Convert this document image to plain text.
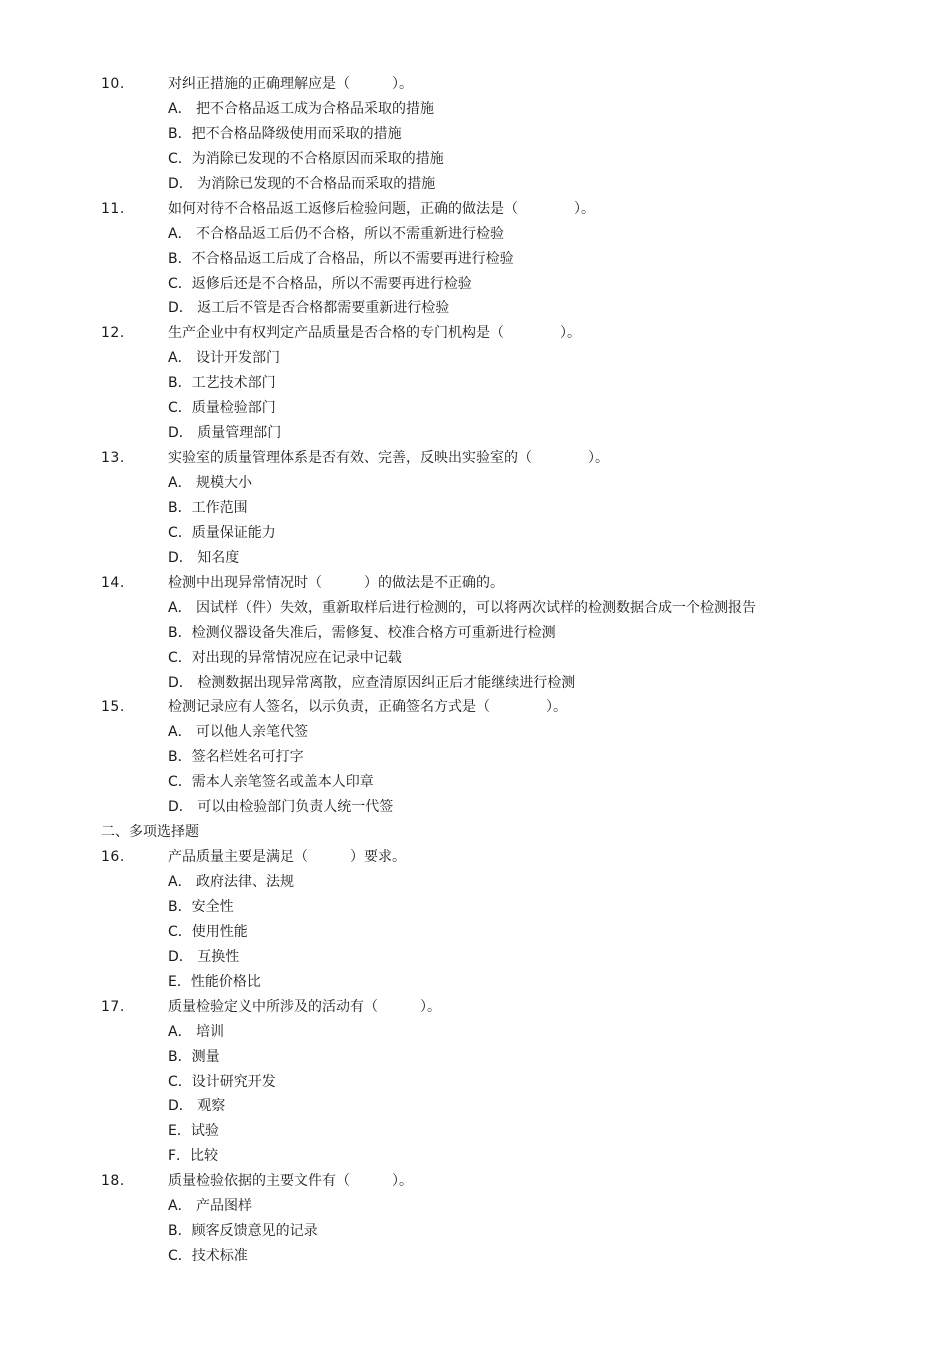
10.	对纠正措施的正确理解应是（　　　）。
A． 把不合格品返工成为合格品采取的措施
B．把不合格品降级使用而采取的措施
C．为消除已发现的不合格原因而采取的措施
D． 为消除已发现的不合格品而采取的措施
11.	如何对待不合格品返工返修后检验问题，正确的做法是（　　　　）。
A． 不合格品返工后仍不合格，所以不需重新进行检验
B．不合格品返工后成了合格品，所以不需要再进行检验
C．返修后还是不合格品，所以不需要再进行检验
D． 返工后不管是否合格都需要重新进行检验
12.	生产企业中有权判定产品质量是否合格的专门机构是（　　　　）。
A． 设计开发部门
B．工艺技术部门
C．质量检验部门
D． 质量管理部门
13.	实验室的质量管理体系是否有效、完善，反映出实验室的（　　　　）。
A． 规模大小
B．工作范围
C．质量保证能力
D． 知名度
14.	检测中出现异常情况时（　　　）的做法是不正确的。
A． 因试样（件）失效，重新取样后进行检测的，可以将两次试样的检测数据合成一个检测报告
B．检测仪器设备失准后，需修复、校准合格方可重新进行检测
C．对出现的异常情况应在记录中记载
D． 检测数据出现异常离散，应查清原因纠正后才能继续进行检测
15.	检测记录应有人签名，以示负责，正确签名方式是（　　　　）。
A． 可以他人亲笔代签
B．签名栏姓名可打字
C．需本人亲笔签名或盖本人印章
D． 可以由检验部门负责人统一代签
二、多项选择题
16.	产品质量主要是满足（　　　）要求。
A． 政府法律、法规
B．安全性
C．使用性能
D． 互换性
E．性能价格比
17.	质量检验定义中所涉及的活动有（　　　）。
A． 培训
B．测量
C．设计研究开发
D． 观察
E．试验
F．比较
18.	质量检验依据的主要文件有（　　　）。
A． 产品图样
B．顾客反馈意见的记录
C．技术标准
